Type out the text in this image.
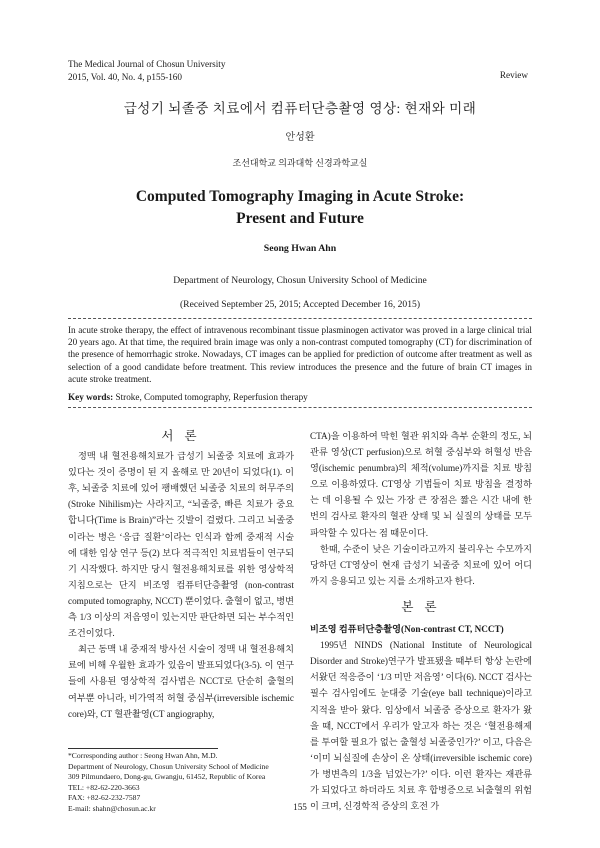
The Medical Journal of Chosun University
2015, Vol. 40, No. 4, p155-160	Review
급성기 뇌졸중 치료에서 컴퓨터단층촬영 영상: 현재와 미래
안성환
조선대학교 의과대학 신경과학교실
Computed Tomography Imaging in Acute Stroke:
Present and Future
Seong Hwan Ahn
Department of Neurology, Chosun University School of Medicine
(Received September 25, 2015; Accepted December 16, 2015)

In acute stroke therapy, the effect of intravenous recombinant tissue plasminogen activator was proved in a large clinical trial 20 years ago. At that time, the required brain image was only a non-contrast computed tomography (CT) for discrimination of the presence of hemorrhagic stroke. Nowadays, CT images can be applied for prediction of outcome after treatment as well as selection of a good candidate before treatment. This review introduces the presence and the future of brain CT images in acute stroke treatment.

Key words: Stroke, Computed tomography, Reperfusion therapy
서 론

정맥 내 혈전용해치료가 급성기 뇌졸중 치료에 효과가 있다는 것이 증명이 된 지 올해로 만 20년이 되었다(1). 이후, 뇌졸중 치료에 있어 팽배했던 뇌졸중 치료의 허무주의(Stroke Nihilism)는 사라지고, “뇌졸중, 빠른 치료가 중요합니다(Time is Brain)”라는 깃발이 걸렸다. 그리고 뇌졸중이라는 병은 ‘응급 질환’이라는 인식과 함께 중재적 시술에 대한 임상 연구 등(2) 보다 적극적인 치료법들이 연구되기 시작했다. 하지만 당시 혈전용해치료를 위한 영상학적 지침으로는 단지 비조영 컴퓨터단층촬영 (non-contrast computed tomography, NCCT) 뿐이었다. 출혈이 없고, 병변측 1/3 이상의 저음영이 있는지만 판단하면 되는 부수적인 조건이었다.

최근 동맥 내 중재적 방사선 시술이 정맥 내 혈전용해치료에 비해 우월한 효과가 있음이 발표되었다(3-5). 이 연구들에 사용된 영상학적 검사법은 NCCT로 단순히 출혈의 여부뿐 아니라, 비가역적 허혈 중심부(irreversible ischemic core)와, CT 혈관촬영(CT angiography,

CTA)을 이용하여 막힌 혈관 위치와 측부 순환의 정도, 뇌관류 영상(CT perfusion)으로 허혈 중심부와 허혈성 반음영(ischemic penumbra)의 체적(volume)까지를 치료 방침으로 이용하였다. CT영상 기법들이 치료 방침을 결정하는 데 이용될 수 있는 가장 큰 장점은 짧은 시간 내에 한 번의 검사로 환자의 혈관 상태 및 뇌 실질의 상태를 모두 파악할 수 있다는 점 때문이다.

한때, 수준이 낮은 기술이라고까지 불리우는 수모까지 당하던 CT영상이 현재 급성기 뇌졸중 치료에 있어 어디까지 응용되고 있는 지를 소개하고자 한다.

본 론
비조영 컴퓨터단층촬영(Non-contrast CT, NCCT)

1995년 NINDS (National Institute of Neurological Disorder and Stroke)연구가 발표됐을 때부터 항상 논란에 서왔던 적응증이 ‘1/3 미만 저음영’ 이다(6). NCCT 검사는 필수 검사임에도 눈대중 기술(eye ball technique)이라고 지적을 받아 왔다. 임상에서 뇌졸중 증상으로 환자가 왔을 때, NCCT에서 우리가 알고자 하는 것은 ‘혈전용해제를 투여할 필요가 없는 출혈성 뇌졸중인가?’ 이고, 다음은 ‘이미 뇌실질에 손상이 온 상태(irreversible ischemic core)가 병변측의 1/3을 넘었는가?’ 이다. 이런 환자는 재관류가 되었다고 하더라도 치료 후 합병증으로 뇌출혈의 위험이 크며, 신경학적 증상의 호전 가

*Corresponding author : Seong Hwan Ahn, M.D.
Department of Neurology, Chosun University School of Medicine
309 Pilmundaero, Dong-gu, Gwangju, 61452, Republic of Korea
TEL: +82-62-220-3663
FAX: +82-62-232-7587
E-mail: shahn@chosun.ac.kr	155
